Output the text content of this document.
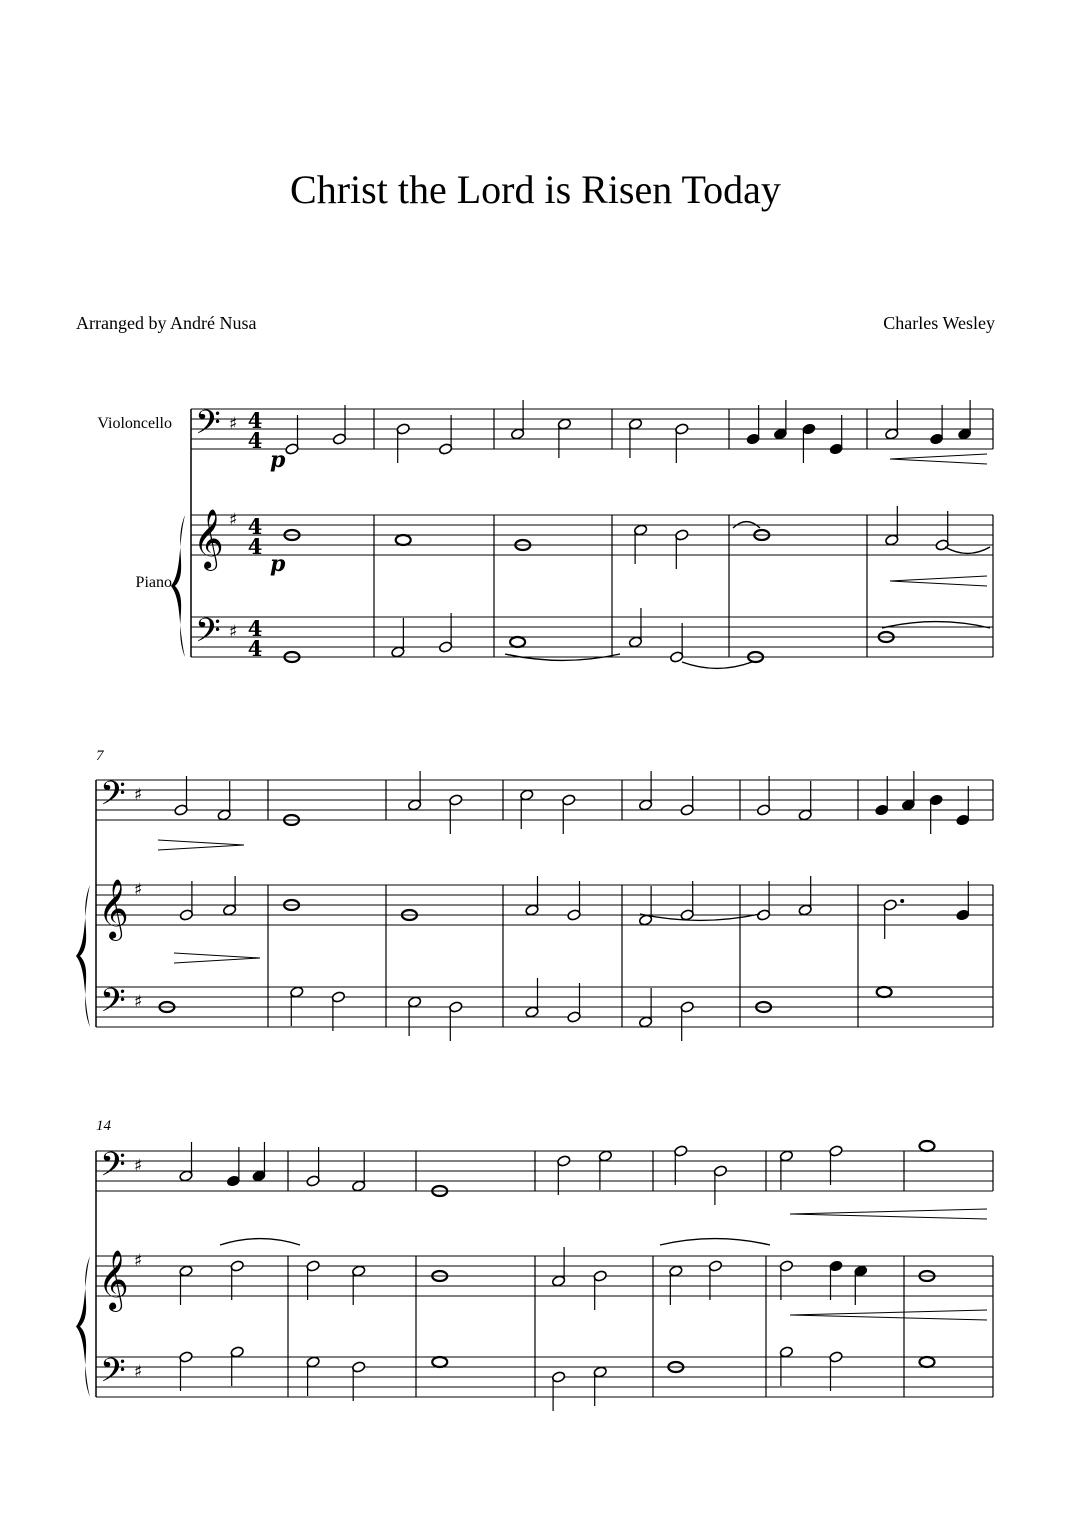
Christ the Lord is Risen Today
Arranged by André Nusa	Charles Wesley
Violoncello
Piano
7
14
𝄢
𝄞
𝄢
♯
♯
♯
4
4
4
4
4
4
𝄢
𝄞
𝄢
♯
♯
♯
𝄢
𝄞
𝄢
♯
♯
♯
p
p
